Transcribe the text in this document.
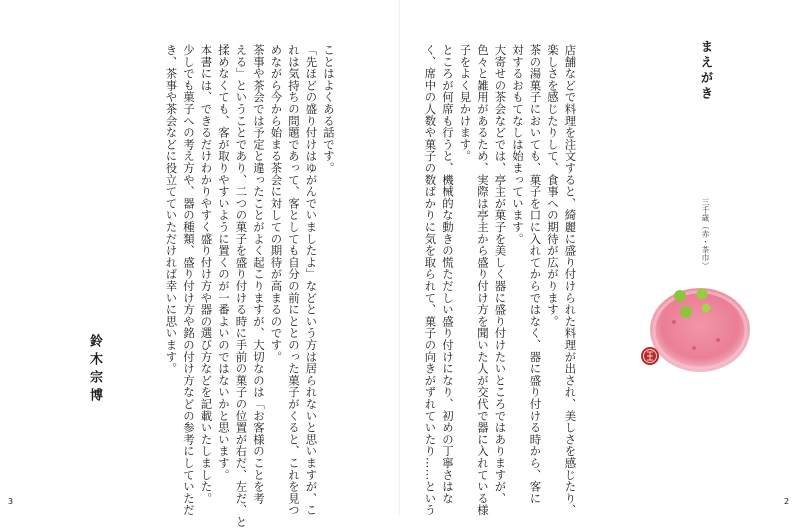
まえがき

店舗などで料理を注文すると、綺麗に盛り付けられた料理が出され、美しさを感じたり、

楽しさを感じたりして、食事への期待が広がります。

茶の湯菓子においても、菓子を口に入れてからではなく、器に盛り付ける時から、客に

対するおもてなしは始まっています。

大寄せの茶会などでは、亭主が菓子を美しく器に盛り付けたいところではありますが、

色々と雑用があるため、実際は亭主から盛り付け方を聞いた人が交代で器に入れている様

子をよく見かけます。

ところが何席も行うと、機械的な動きの慌ただしい盛り付けになり、初めの丁寧さはな

く、席中の人数や菓子の数ばかりに気を取られて、菓子の向きがずれていたり……という	三千歳（赤・茶巾）

ことはよくある話です。

「先ほどの盛り付けはゆがんでいましたよ」などという方は居られないと思いますが、こ

れは気持ちの問題であって、客としても自分の前にととのった菓子がくると、これを見つ

めながら今から始まる茶会に対しての期待が高まるのです。

茶事や茶会では予定と違ったことがよく起こりますが、大切なのは「お客様のことを考

える」ということであり、二つの菓子を盛り付ける時に手前の菓子の位置が右だ、左だ、と

揉めなくても、客が取りやすいように置くのが一番よいのではないかと思います。

本書には、できるだけわかりやすく盛り付け方や器の選び方などを記載いたしました。

少しでも菓子への考え方や、器の種類、盛り付け方や銘の付け方などの参考にしていただ

き、茶事や茶会などに役立てていただければ幸いに思います。

鈴木宗博
3	2
